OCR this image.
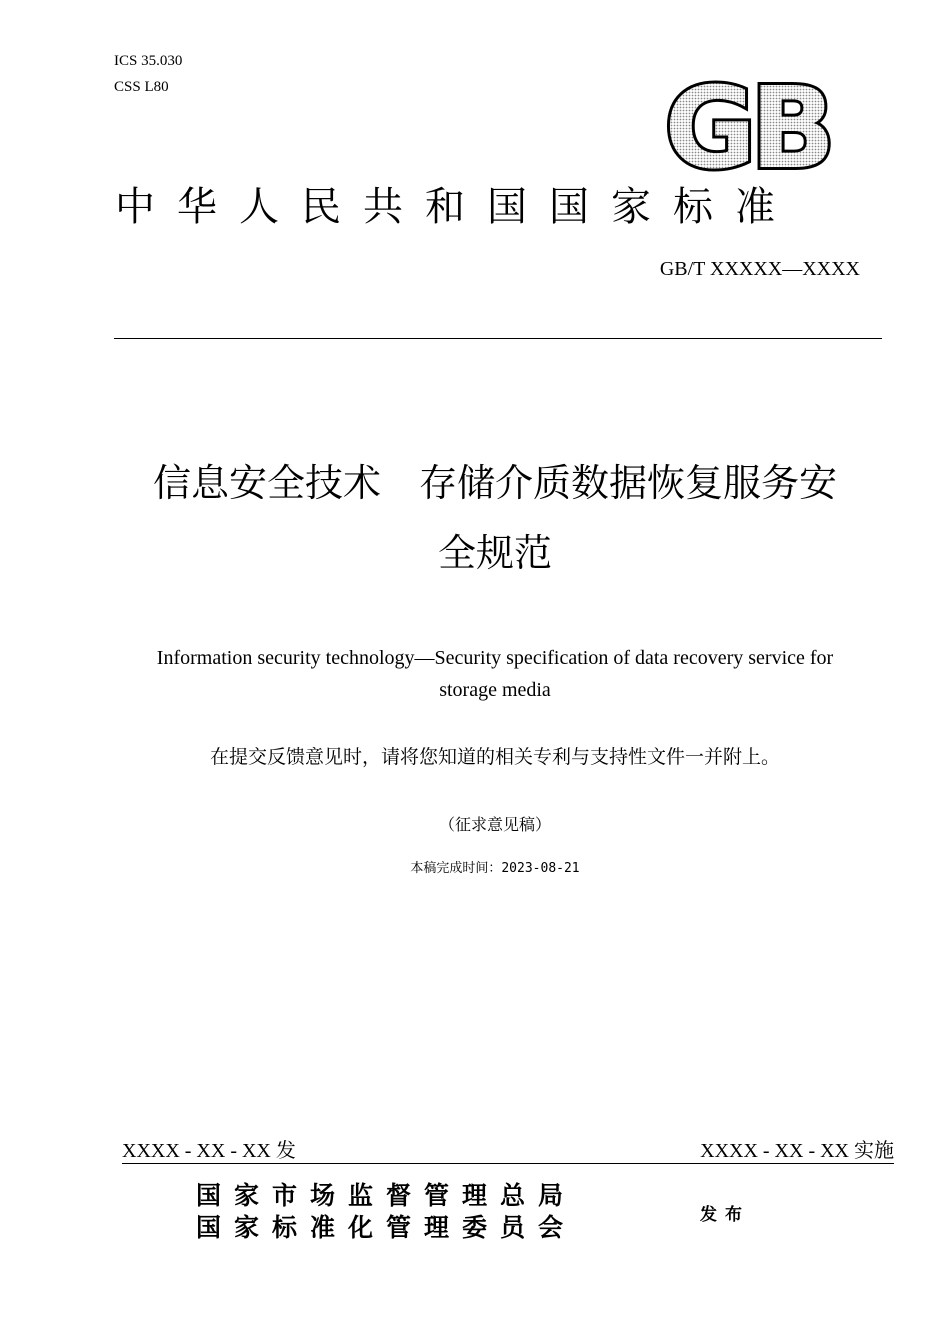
ICS 35.030
CSS L80	GB
中华人民共和国国家标准
GB/T XXXXX—XXXX
信息安全技术　存储介质数据恢复服务安
全规范
Information security technology—Security specification of data recovery service for
storage media
在提交反馈意见时，请将您知道的相关专利与支持性文件一并附上。
（征求意见稿）
本稿完成时间：2023-08-21
XXXX - XX - XX 发	XXXX - XX - XX 实施
国家市场监督管理总局
国家标准化管理委员会	发布
